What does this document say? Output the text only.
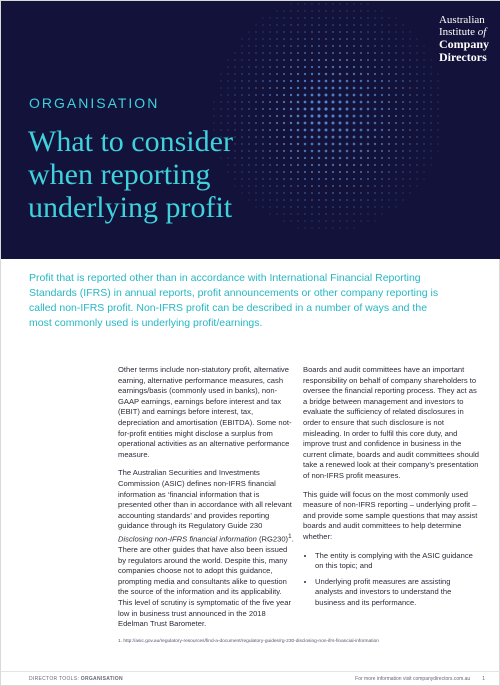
Australian
Institute of
Company
Directors
ORGANISATION
What to consider
when reporting
underlying profit
Profit that is reported other than in accordance with International Financial Reporting Standards (IFRS) in annual reports, profit announcements or other company reporting is called non-IFRS profit. Non-IFRS profit can be described in a number of ways and the most commonly used is underlying profit/earnings.

Other terms include non-statutory profit, alternative earning, alternative performance measures, cash earnings/basis (commonly used in banks), non-GAAP earnings, earnings before interest and tax (EBIT) and earnings before interest, tax, depreciation and amortisation (EBITDA). Some not-for-profit entities might disclose a surplus from operational activities as an alternative performance measure.

The Australian Securities and Investments Commission (ASIC) defines non-IFRS financial information as ‘financial information that is presented other than in accordance with all relevant accounting standards’ and provides reporting guidance through its Regulatory Guide 230 Disclosing non-IFRS financial information $(RG230)^1$. There are other guides that have also been issued by regulators around the world. Despite this, many companies choose not to adopt this guidance, prompting media and consultants alike to question the source of the information and its applicability. This level of scrutiny is symptomatic of the five year low in business trust announced in the 2018 Edelman Trust Barometer.

Boards and audit committees have an important responsibility on behalf of company shareholders to oversee the financial reporting process. They act as a bridge between management and investors to evaluate the sufficiency of related disclosures in order to ensure that such disclosure is not misleading. In order to fulfil this core duty, and improve trust and confidence in business in the current climate, boards and audit committees should take a renewed look at their company’s presentation of non-IFRS profit measures.

This guide will focus on the most commonly used measure of non-IFRS reporting – underlying profit – and provide some sample questions that may assist boards and audit committees to help determine whether:

• The entity is complying with the ASIC guidance on this topic; and
• Underlying profit measures are assisting analysts and investors to understand the business and its performance.
1. http://asic.gov.au/regulatory-resources/find-a-document/regulatory-guides/rg-230-disclosing-non-ifrs-financial-information
DIRECTOR TOOLS: ORGANISATION	For more information visit companydirectors.com.au 1
